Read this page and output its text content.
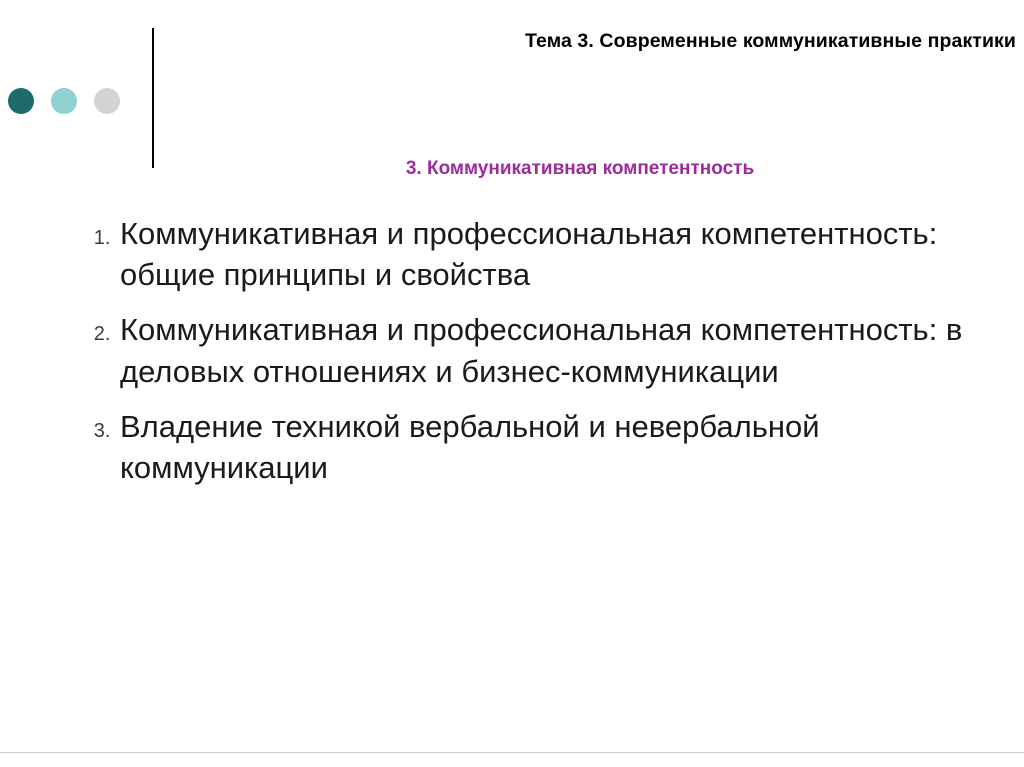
Тема 3. Современные коммуникативные практики
3. Коммуникативная компетентность
1. Коммуникативная и профессиональная компетентность: общие принципы и свойства
2. Коммуникативная и профессиональная компетентность: в деловых отношениях и бизнес-коммуникации
3. Владение техникой вербальной и невербальной коммуникации
